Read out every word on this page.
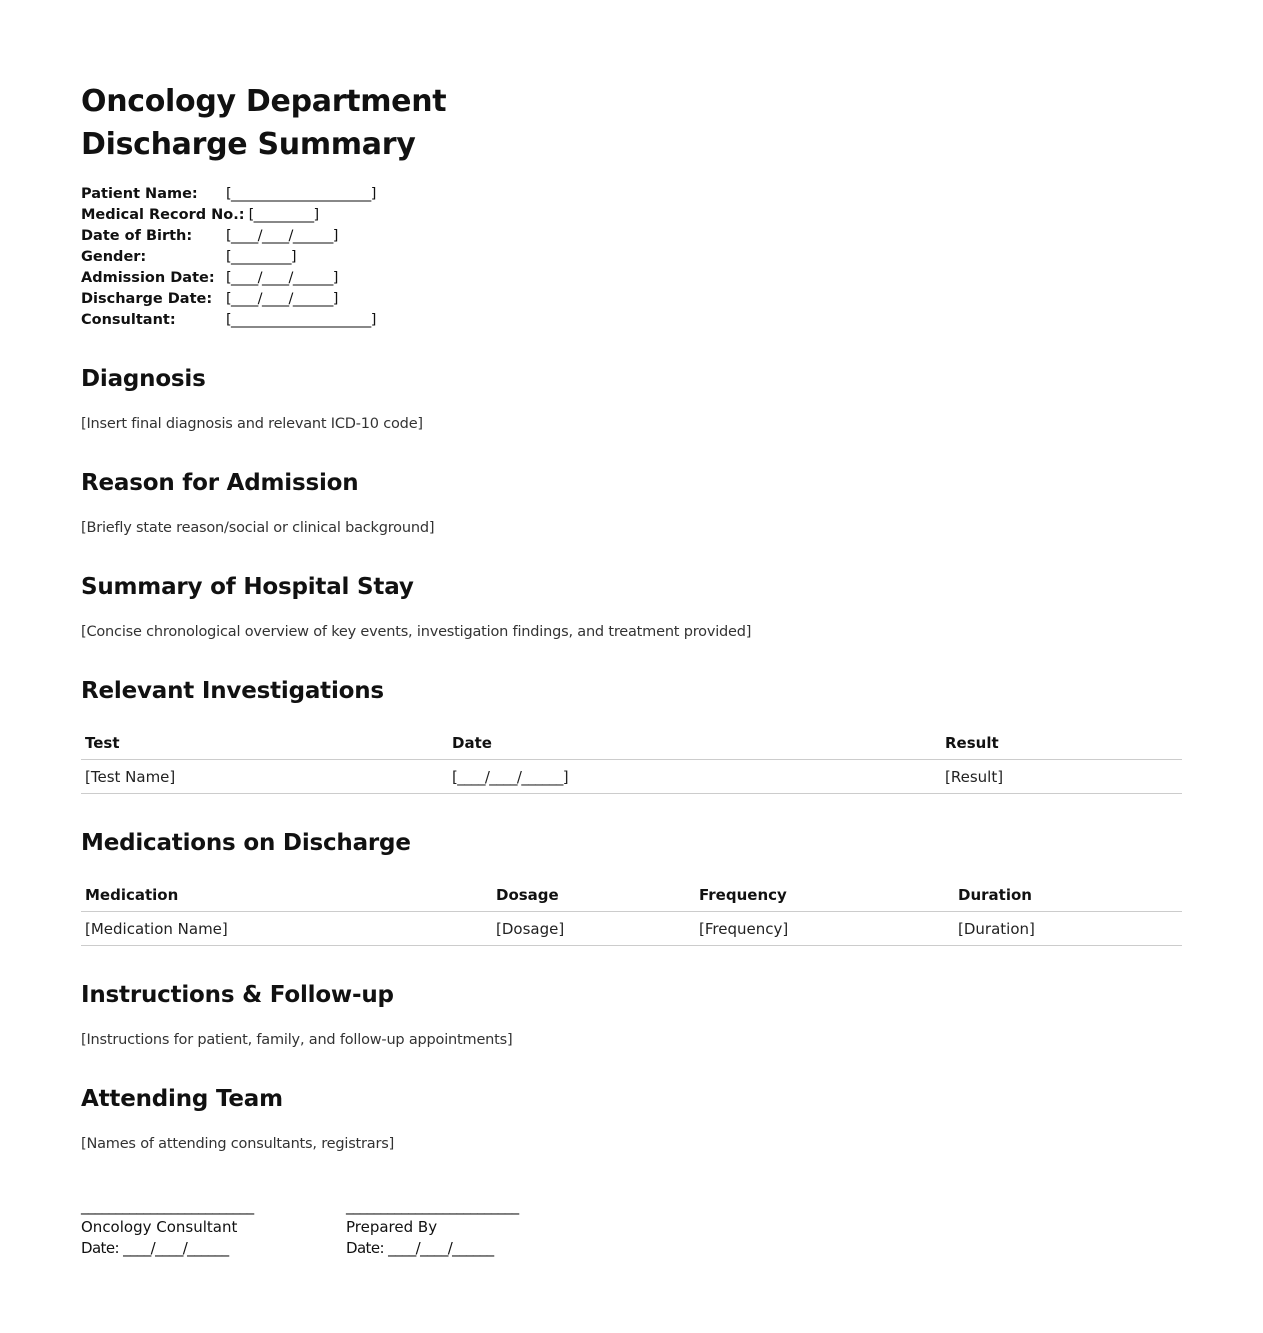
Oncology Department
Discharge Summary
Patient Name: [_____________________]
Medical Record No.: [_________]
Date of Birth: [____/____/______]
Gender:	[_________]
Admission Date: [____/____/______]
Discharge Date: [____/____/______]
Consultant:	[_____________________]
Diagnosis

[Insert final diagnosis and relevant ICD-10 code]

Reason for Admission

[Briefly state reason/social or clinical background]

Summary of Hospital Stay

[Concise chronological overview of key events, investigation findings, and treatment provided]

Relevant Investigations
Test	Date	Result
[Test Name]	[____/____/______]	[Result]
Medications on Discharge
Medication	Dosage	Frequency	Duration
[Medication Name]	[Dosage]	[Frequency]	[Duration]
Instructions & Follow-up

[Instructions for patient, family, and follow-up appointments]

Attending Team

[Names of attending consultants, registrars]

_________________________
Oncology Consultant
Date: ____/____/______
_________________________
Prepared By
Date: ____/____/______
